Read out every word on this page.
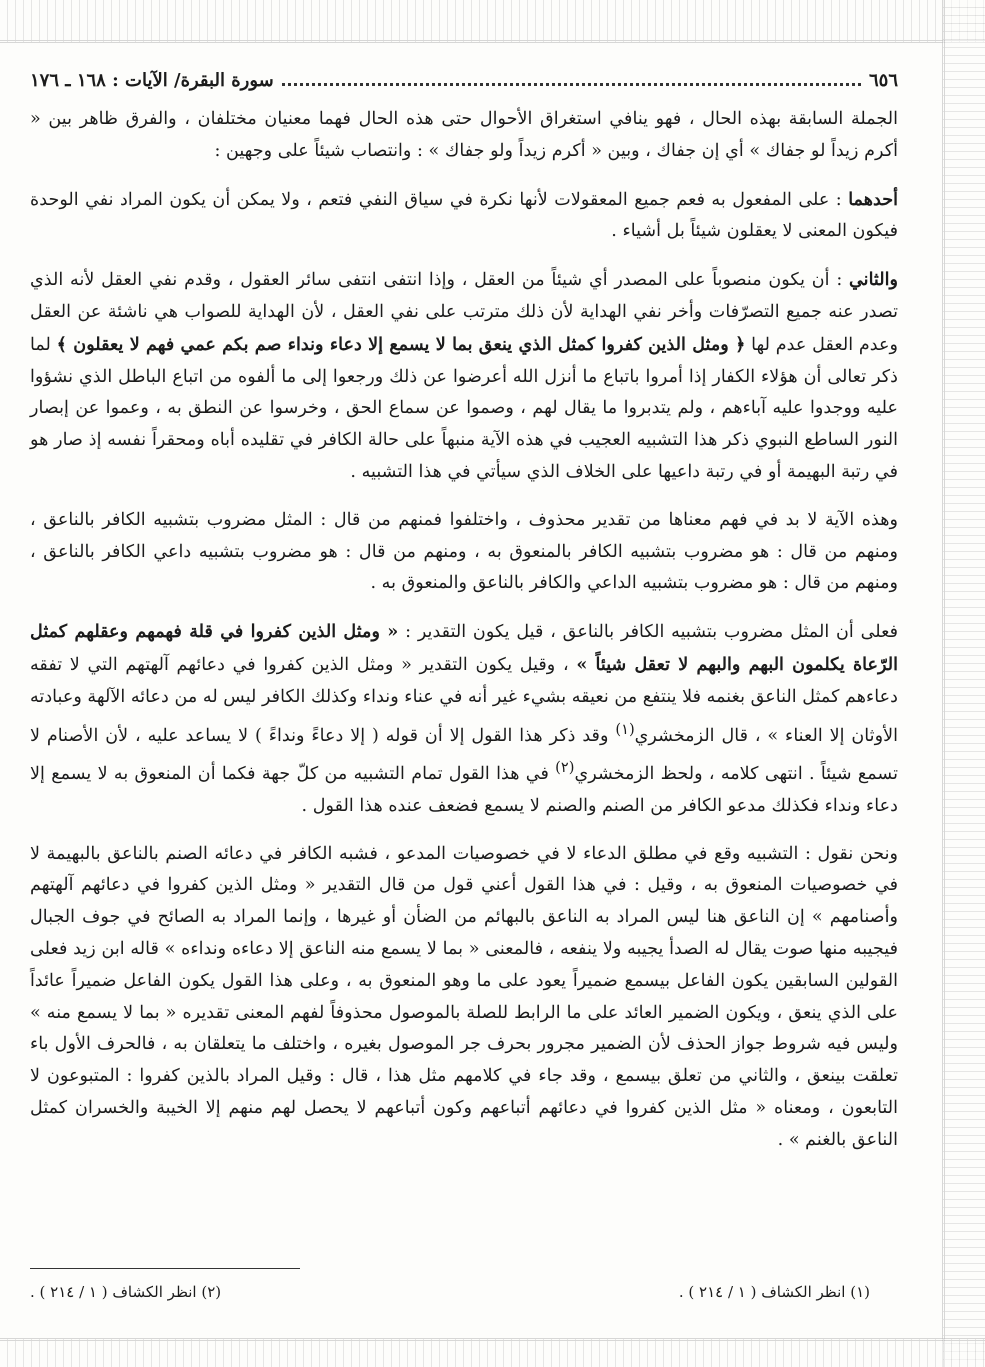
٦٥٦
سورة البقرة/ الآيات : ١٦٨ ـ ١٧٦

الجملة السابقة بهذه الحال ، فهو ينافي استغراق الأحوال حتى هذه الحال فهما معنيان مختلفان ، والفرق ظاهر بين « أكرم زيداً لو جفاك » أي إن جفاك ، وبين « أكرم زيداً ولو جفاك » : وانتصاب شيئاً على وجهين :

أحدهما : على المفعول به فعم جميع المعقولات لأنها نكرة في سياق النفي فتعم ، ولا يمكن أن يكون المراد نفي الوحدة فيكون المعنى لا يعقلون شيئاً بل أشياء .

والثاني : أن يكون منصوباً على المصدر أي شيئاً من العقل ، وإذا انتفى انتفى سائر العقول ، وقدم نفي العقل لأنه الذي تصدر عنه جميع التصرّفات وأخر نفي الهداية لأن ذلك مترتب على نفي العقل ، لأن الهداية للصواب هي ناشئة عن العقل وعدم العقل عدم لها ﴿ ومثل الذين كفروا كمثل الذي ينعق بما لا يسمع إلا دعاء ونداء صم بكم عمي فهم لا يعقلون ﴾ لما ذكر تعالى أن هؤلاء الكفار إذا أمروا باتباع ما أنزل الله أعرضوا عن ذلك ورجعوا إلى ما ألفوه من اتباع الباطل الذي نشؤوا عليه ووجدوا عليه آباءهم ، ولم يتدبروا ما يقال لهم ، وصموا عن سماع الحق ، وخرسوا عن النطق به ، وعموا عن إبصار النور الساطع النبوي ذكر هذا التشبيه العجيب في هذه الآية منبهاً على حالة الكافر في تقليده أباه ومحقراً نفسه إذ صار هو في رتبة البهيمة أو في رتبة داعيها على الخلاف الذي سيأتي في هذا التشبيه .

وهذه الآية لا بد في فهم معناها من تقدير محذوف ، واختلفوا فمنهم من قال : المثل مضروب بتشبيه الكافر بالناعق ، ومنهم من قال : هو مضروب بتشبيه الكافر بالمنعوق به ، ومنهم من قال : هو مضروب بتشبيه داعي الكافر بالناعق ، ومنهم من قال : هو مضروب بتشبيه الداعي والكافر بالناعق والمنعوق به .

فعلى أن المثل مضروب بتشبيه الكافر بالناعق ، قيل يكون التقدير : « ومثل الذين كفروا في قلة فهمهم وعقلهم كمثل الرّعاة يكلمون البهم والبهم لا تعقل شيئاً » ، وقيل يكون التقدير « ومثل الذين كفروا في دعائهم آلهتهم التي لا تفقه دعاءهم كمثل الناعق بغنمه فلا ينتفع من نعيقه بشيء غير أنه في عناء ونداء وكذلك الكافر ليس له من دعائه الآلهة وعبادته الأوثان إلا العناء » ، قال الزمخشري$^{(١)}$ وقد ذكر هذا القول إلا أن قوله ( إلا دعاءً ونداءً ) لا يساعد عليه ، لأن الأصنام لا تسمع شيئاً . انتهى كلامه ، ولحظ الزمخشري$^{(٢)}$ في هذا القول تمام التشبيه من كلّ جهة فكما أن المنعوق به لا يسمع إلا دعاء ونداء فكذلك مدعو الكافر من الصنم والصنم لا يسمع فضعف عنده هذا القول .

ونحن نقول : التشبيه وقع في مطلق الدعاء لا في خصوصيات المدعو ، فشبه الكافر في دعائه الصنم بالناعق بالبهيمة لا في خصوصيات المنعوق به ، وقيل : في هذا القول أعني قول من قال التقدير « ومثل الذين كفروا في دعائهم آلهتهم وأصنامهم » إن الناعق هنا ليس المراد به الناعق بالبهائم من الضأن أو غيرها ، وإنما المراد به الصائح في جوف الجبال فيجيبه منها صوت يقال له الصدأ يجيبه ولا ينفعه ، فالمعنى « بما لا يسمع منه الناعق إلا دعاءه ونداءه » قاله ابن زيد فعلى القولين السابقين يكون الفاعل بيسمع ضميراً يعود على ما وهو المنعوق به ، وعلى هذا القول يكون الفاعل ضميراً عائداً على الذي ينعق ، ويكون الضمير العائد على ما الرابط للصلة بالموصول محذوفاً لفهم المعنى تقديره « بما لا يسمع منه » وليس فيه شروط جواز الحذف لأن الضمير مجرور بحرف جر الموصول بغيره ، واختلف ما يتعلقان به ، فالحرف الأول باء تعلقت بينعق ، والثاني من تعلق بيسمع ، وقد جاء في كلامهم مثل هذا ، قال : وقيل المراد بالذين كفروا : المتبوعون لا التابعون ، ومعناه « مثل الذين كفروا في دعائهم أتباعهم وكون أتباعهم لا يحصل لهم منهم إلا الخيبة والخسران كمثل الناعق بالغنم » .

(١) انظر الكشاف ( ١ / ٢١٤ ) .
(٢) انظر الكشاف ( ١ / ٢١٤ ) .
